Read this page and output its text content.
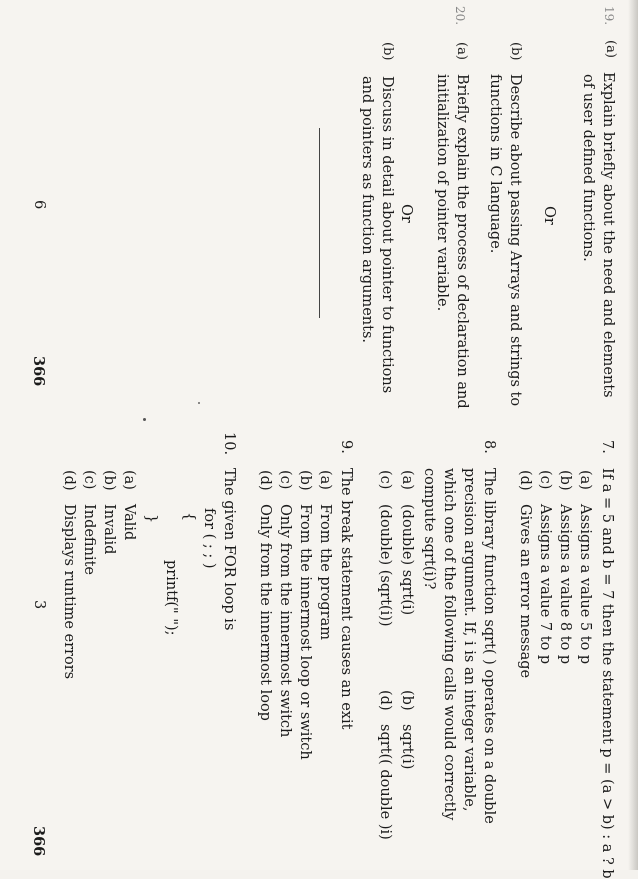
19.
(a)
Explain briefly about the need and elements
of user defined functions.
Or
(b)
Describe about passing Arrays and strings to
functions in C language.
20.
(a)
Briefly explain the process of declaration and
initialization of pointer variable.
Or
(b)
Discuss in detail about pointer to functions
and pointers as function arguments.
6
366
7.
If a = 5 and b = 7 then the statement p = (a > b) : a ? b
(a)
Assigns a value 5 to p
(b)
Assigns a value 8 to p
(c)
Assigns a value 7 to p
(d)
Gives an error message
8.
The library function sqrt( ) operates on a double
precision argument. If, i is an integer variable,
which one of the following calls would correctly
compute sqrt(i)?
(a)
(double) sqrt(i)
(b)
sqrt(i)
(c)
(double) (sqrt(i))
(d)
sqrt(( double )i)
9.
The break statement causes an exit
(a)
From the program
(b)
From the innermost loop or switch
(c)
Only from the innermost switch
(d)
Only from the innermost loop
10.
The given FOR loop is
for ( ; ; )
{
printf(" ");
}
(a)
Valid
(b)
Invalid
(c)
Indefinite
(d)
Displays runtime errors
3
366
